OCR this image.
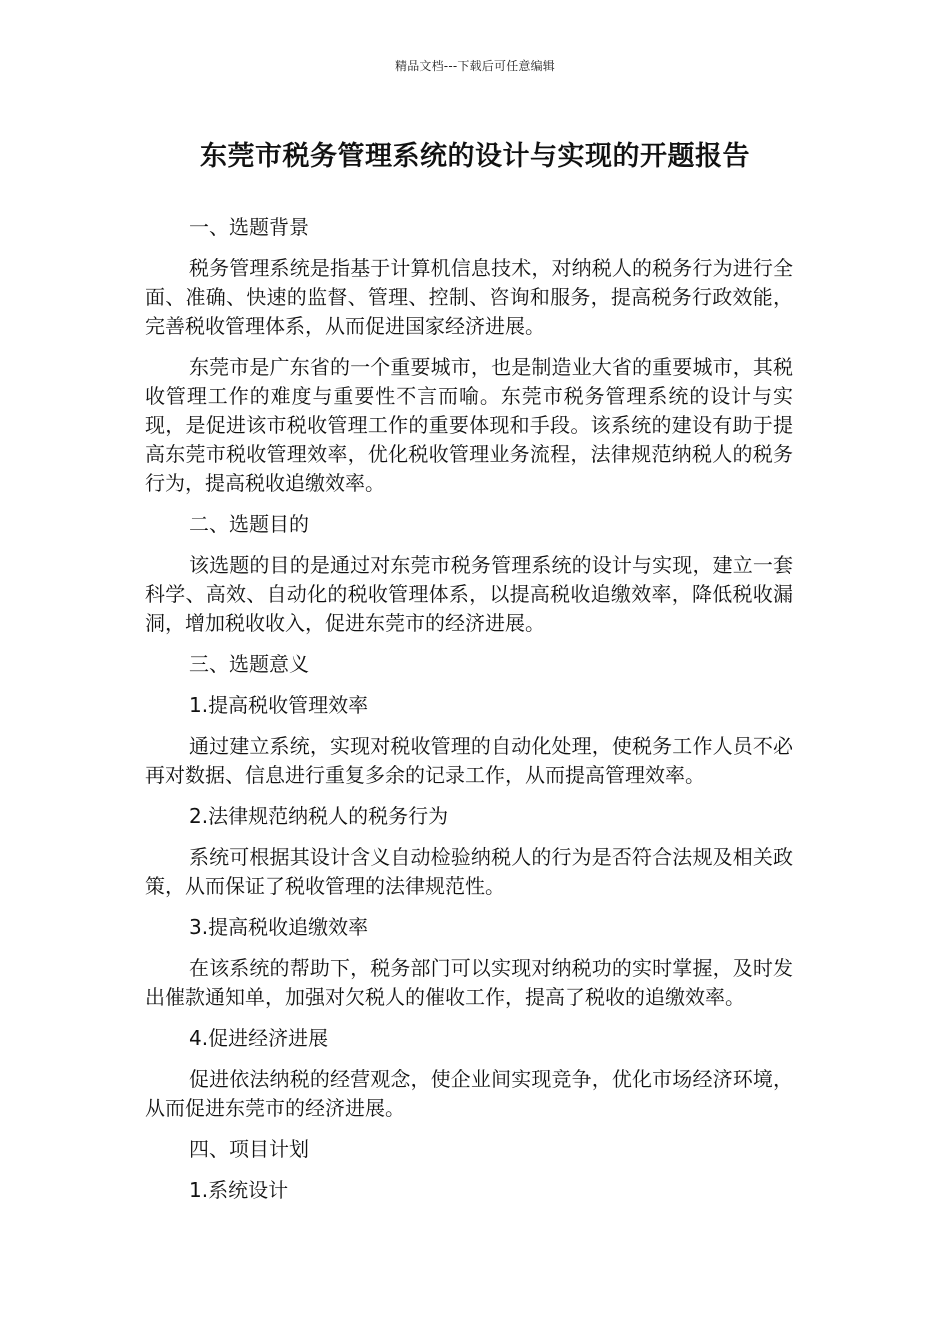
精品文档---下载后可任意编辑
东莞市税务管理系统的设计与实现的开题报告

一、选题背景

税务管理系统是指基于计算机信息技术，对纳税人的税务行为进行全面、准确、快速的监督、管理、控制、咨询和服务，提高税务行政效能，完善税收管理体系，从而促进国家经济进展。

东莞市是广东省的一个重要城市，也是制造业大省的重要城市，其税收管理工作的难度与重要性不言而喻。东莞市税务管理系统的设计与实现，是促进该市税收管理工作的重要体现和手段。该系统的建设有助于提高东莞市税收管理效率，优化税收管理业务流程，法律规范纳税人的税务行为，提高税收追缴效率。

二、选题目的

该选题的目的是通过对东莞市税务管理系统的设计与实现，建立一套科学、高效、自动化的税收管理体系，以提高税收追缴效率，降低税收漏洞，增加税收收入，促进东莞市的经济进展。

三、选题意义

1.提高税收管理效率

通过建立系统，实现对税收管理的自动化处理，使税务工作人员不必再对数据、信息进行重复多余的记录工作，从而提高管理效率。

2.法律规范纳税人的税务行为

系统可根据其设计含义自动检验纳税人的行为是否符合法规及相关政策，从而保证了税收管理的法律规范性。

3.提高税收追缴效率

在该系统的帮助下，税务部门可以实现对纳税功的实时掌握，及时发出催款通知单，加强对欠税人的催收工作，提高了税收的追缴效率。

4.促进经济进展

促进依法纳税的经营观念，使企业间实现竞争，优化市场经济环境，从而促进东莞市的经济进展。

四、项目计划

1.系统设计
